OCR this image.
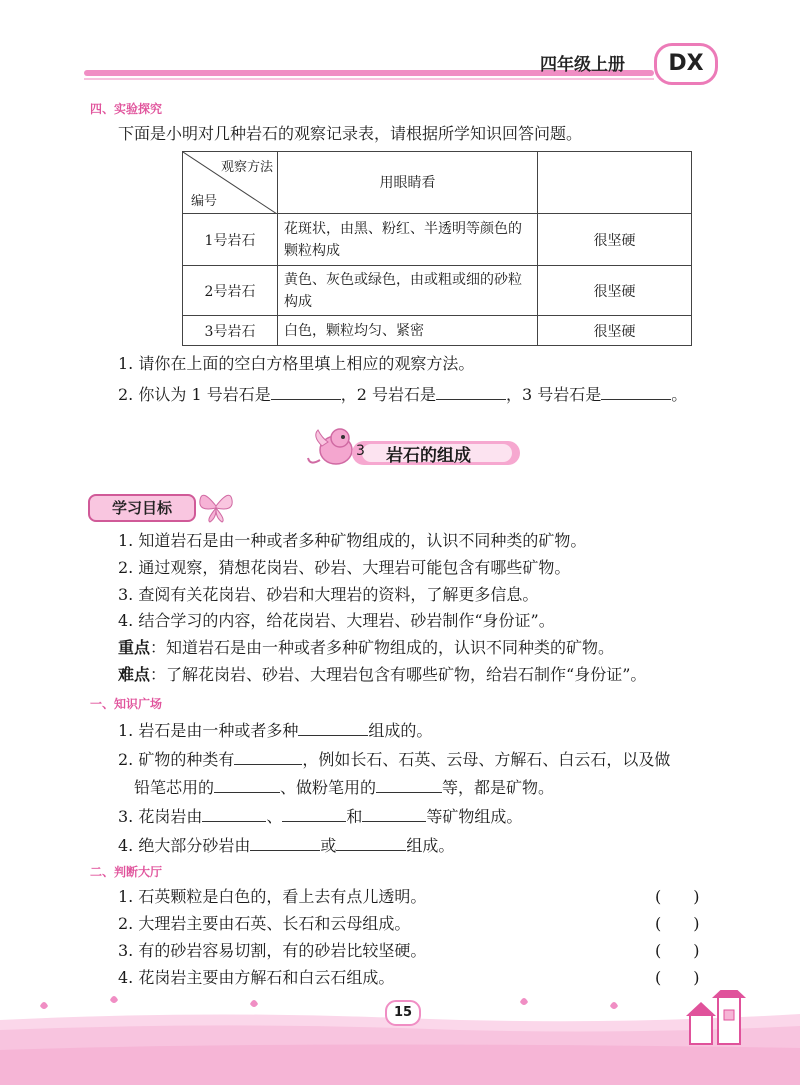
四年级上册	DX
四、实验探究
下面是小明对几种岩石的观察记录表，请根据所学知识回答问题。
观察方法
编号	用眼睛看	
1号岩石	花斑状，由黑、粉红、半透明等颜色的颗粒构成	很坚硬
2号岩石	黄色、灰色或绿色，由或粗或细的砂粒构成	很坚硬
3号岩石	白色，颗粒均匀、紧密	很坚硬
1. 请你在上面的空白方格里填上相应的观察方法。
2. 你认为 1 号岩石是	，2 号岩石是	，3 号岩石是	。
3 岩石的组成
学习目标
1. 知道岩石是由一种或者多种矿物组成的，认识不同种类的矿物。
2. 通过观察，猜想花岗岩、砂岩、大理岩可能包含有哪些矿物。
3. 查阅有关花岗岩、砂岩和大理岩的资料，了解更多信息。
4. 结合学习的内容，给花岗岩、大理岩、砂岩制作“身份证”。
重点：知道岩石是由一种或者多种矿物组成的，认识不同种类的矿物。
难点：了解花岗岩、砂岩、大理岩包含有哪些矿物，给岩石制作“身份证”。
一、知识广场
1. 岩石是由一种或者多种	组成的。
2. 矿物的种类有	，例如长石、石英、云母、方解石、白云石，以及做
铅笔芯用的	、做粉笔用的	等，都是矿物。
3. 花岗岩由	、	和	等矿物组成。
4. 绝大部分砂岩由	或	组成。
二、判断大厅
1. 石英颗粒是白色的，看上去有点儿透明。	(　　)
2. 大理岩主要由石英、长石和云母组成。	(　　)
3. 有的砂岩容易切割，有的砂岩比较坚硬。	(　　)
4. 花岗岩主要由方解石和白云石组成。	(　　)
15
